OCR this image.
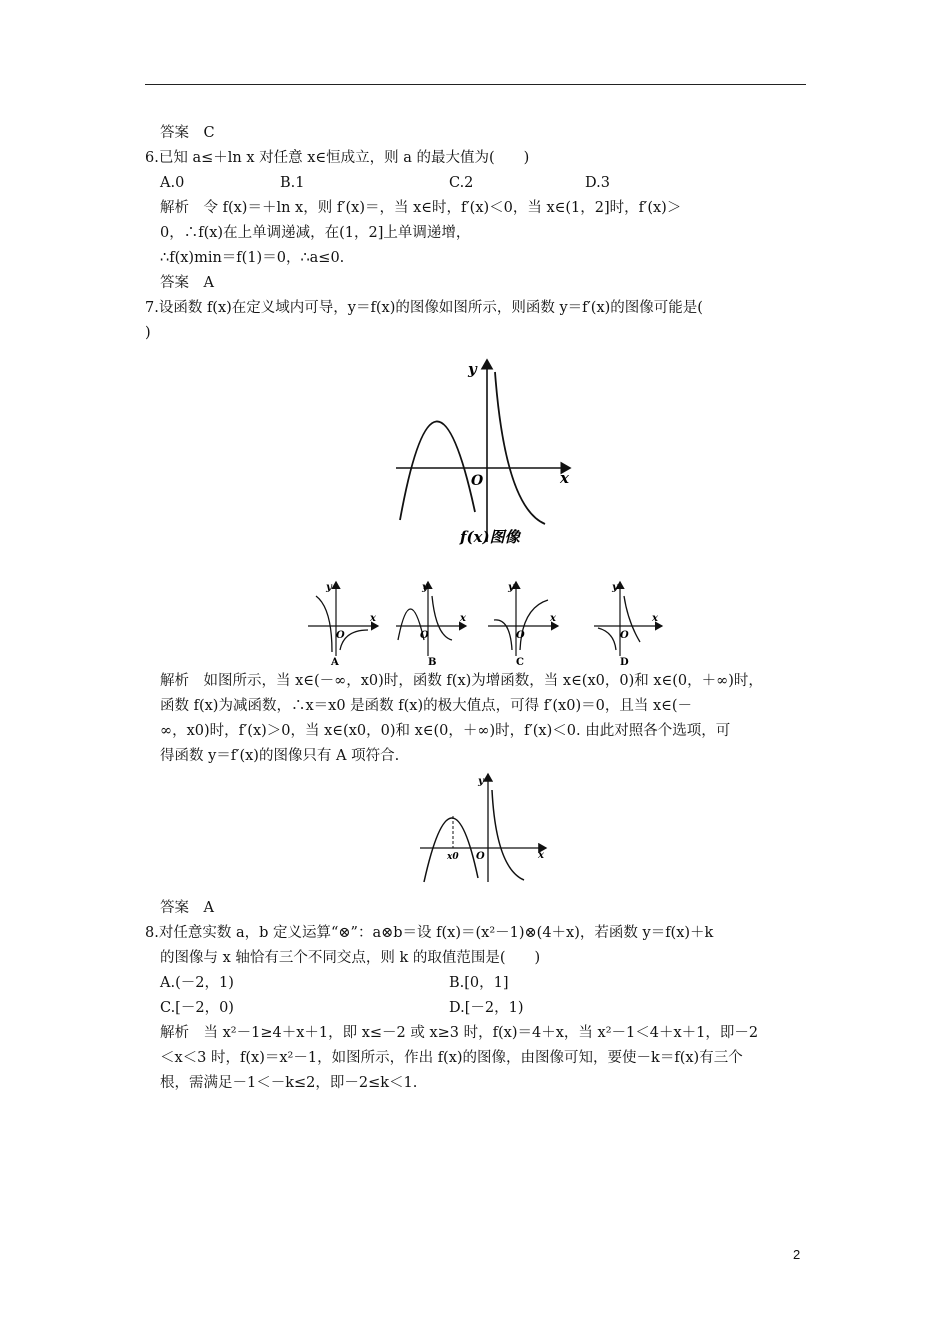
答案　C
6.已知 a≤＋ln x 对任意 x∈恒成立，则 a 的最大值为(　　)
A.0	B.1	C.2	D.3
解析　令 f(x)＝＋ln x，则 f′(x)＝，当 x∈时，f′(x)＜0，当 x∈(1，2]时，f′(x)＞
0，∴f(x)在上单调递减，在(1，2]上单调递增，
∴f(x)min＝f(1)＝0，∴a≤0.
答案　A
7.设函数 f(x)在定义域内可导，y＝f(x)的图像如图所示，则函数 y＝f′(x)的图像可能是(
)
y
x
O
f(x)图像
y
x
O
A
y
x
O
B
y
x
O
C
y
x
O
D
解析　如图所示，当 x∈(－∞，x0)时，函数 f(x)为增函数，当 x∈(x0，0)和 x∈(0，＋∞)时，
函数 f(x)为减函数，∴x＝x0 是函数 f(x)的极大值点，可得 f′(x0)＝0，且当 x∈(－
∞，x0)时，f′(x)＞0，当 x∈(x0，0)和 x∈(0，＋∞)时，f′(x)＜0. 由此对照各个选项，可
得函数 y＝f′(x)的图像只有 A 项符合.
y
x
O
x0
答案　A
8.对任意实数 a，b 定义运算“⊗”：a⊗b＝设 f(x)＝(x²－1)⊗(4＋x)，若函数 y＝f(x)＋k
的图像与 x 轴恰有三个不同交点，则 k 的取值范围是(　　)
A.(－2，1)	B.[0，1]
C.[－2，0)	D.[－2，1)
解析　当 x²－1≥4＋x＋1，即 x≤－2 或 x≥3 时，f(x)＝4＋x，当 x²－1＜4＋x＋1，即－2
＜x＜3 时，f(x)＝x²－1，如图所示，作出 f(x)的图像，由图像可知，要使－k＝f(x)有三个
根，需满足－1＜－k≤2，即－2≤k＜1.
2
